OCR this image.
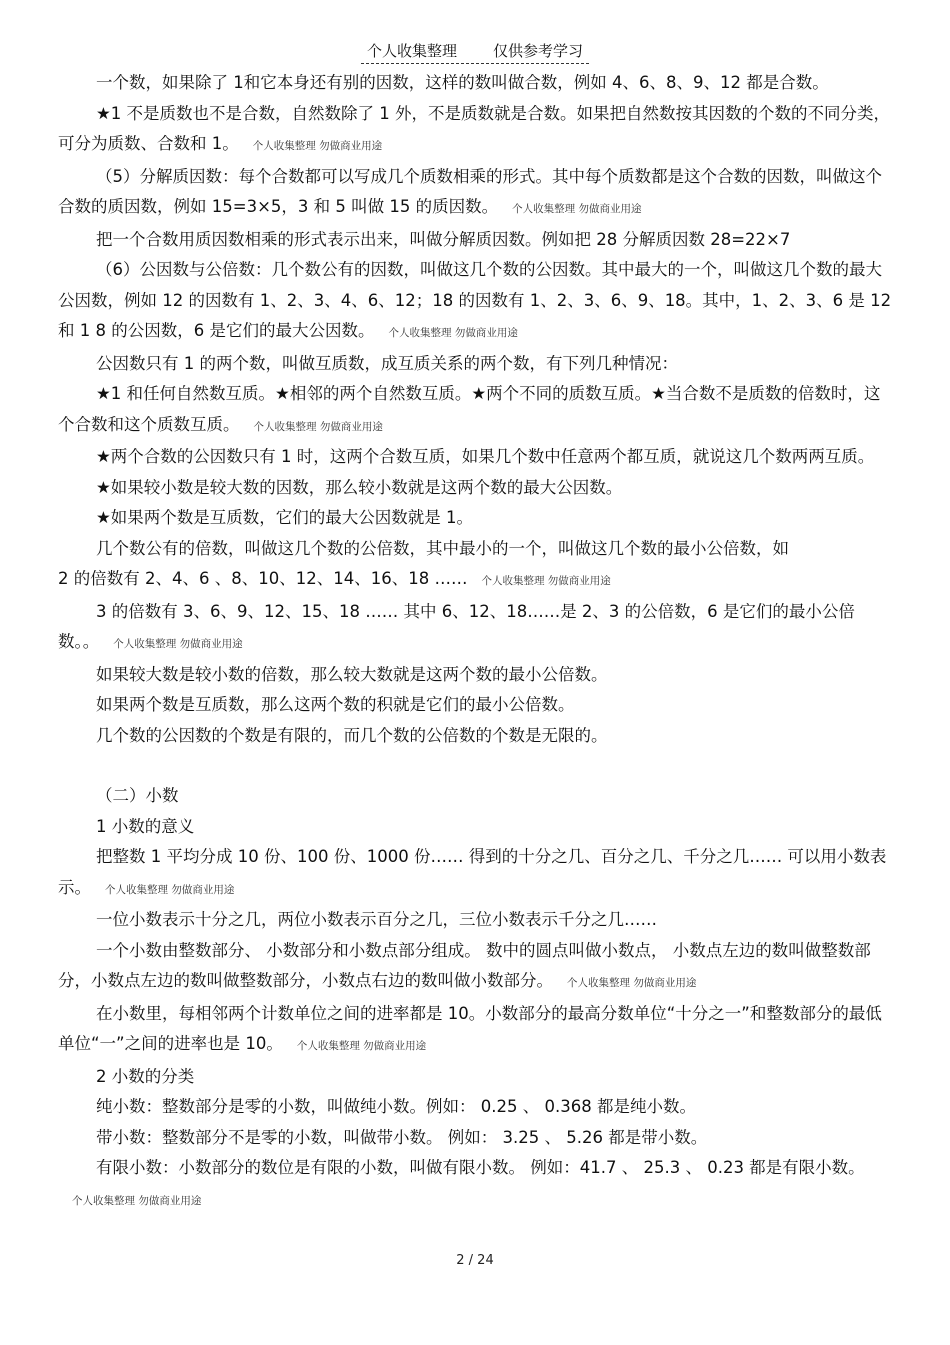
个人收集整理 仅供参考学习

一个数，如果除了 1和它本身还有别的因数，这样的数叫做合数，例如 4、6、8、9、12 都是合数。

★1 不是质数也不是合数，自然数除了 1 外，不是质数就是合数。如果把自然数按其因数的个数的不同分类，可分为质数、合数和 1。 个人收集整理 勿做商业用途

（5）分解质因数：每个合数都可以写成几个质数相乘的形式。其中每个质数都是这个合数的因数，叫做这个合数的质因数，例如 15=3×5，3 和 5 叫做 15 的质因数。 个人收集整理 勿做商业用途

把一个合数用质因数相乘的形式表示出来，叫做分解质因数。例如把 28 分解质因数 28=22×7

（6）公因数与公倍数：几个数公有的因数，叫做这几个数的公因数。其中最大的一个，叫做这几个数的最大公因数，例如 12 的因数有 1、2、3、4、6、12；18 的因数有 1、2、3、6、9、18。其中，1、2、3、6 是 12和 1 8 的公因数，6 是它们的最大公因数。 个人收集整理 勿做商业用途

公因数只有 1 的两个数，叫做互质数，成互质关系的两个数，有下列几种情况：

★1 和任何自然数互质。★相邻的两个自然数互质。★两个不同的质数互质。★当合数不是质数的倍数时，这个合数和这个质数互质。 个人收集整理 勿做商业用途

★两个合数的公因数只有 1 时，这两个合数互质，如果几个数中任意两个都互质，就说这几个数两两互质。

★如果较小数是较大数的因数，那么较小数就是这两个数的最大公因数。

★如果两个数是互质数，它们的最大公因数就是 1。

几个数公有的倍数，叫做这几个数的公倍数，其中最小的一个，叫做这几个数的最小公倍数，如

2 的倍数有 2、4、6 、8、10、12、14、16、18 …… 个人收集整理 勿做商业用途

3 的倍数有 3、6、9、12、15、18 …… 其中 6、12、18……是 2、3 的公倍数，6 是它们的最小公倍数。。 个人收集整理 勿做商业用途

如果较大数是较小数的倍数，那么较大数就是这两个数的最小公倍数。

如果两个数是互质数，那么这两个数的积就是它们的最小公倍数。

几个数的公因数的个数是有限的，而几个数的公倍数的个数是无限的。

（二）小数

1 小数的意义

把整数 1 平均分成 10 份、100 份、1000 份…… 得到的十分之几、百分之几、千分之几…… 可以用小数表示。 个人收集整理 勿做商业用途

一位小数表示十分之几，两位小数表示百分之几，三位小数表示千分之几……

一个小数由整数部分、 小数部分和小数点部分组成。 数中的圆点叫做小数点， 小数点左边的数叫做整数部分，小数点左边的数叫做整数部分，小数点右边的数叫做小数部分。 个人收集整理 勿做商业用途

在小数里，每相邻两个计数单位之间的进率都是 10。小数部分的最高分数单位“十分之一”和整数部分的最低单位“一”之间的进率也是 10。 个人收集整理 勿做商业用途

2 小数的分类

纯小数：整数部分是零的小数，叫做纯小数。例如： 0.25 、 0.368 都是纯小数。

带小数：整数部分不是零的小数，叫做带小数。 例如： 3.25 、 5.26 都是带小数。

有限小数：小数部分的数位是有限的小数，叫做有限小数。 例如：41.7 、 25.3 、 0.23 都是有限小数。个人收集整理 勿做商业用途

2 / 24
